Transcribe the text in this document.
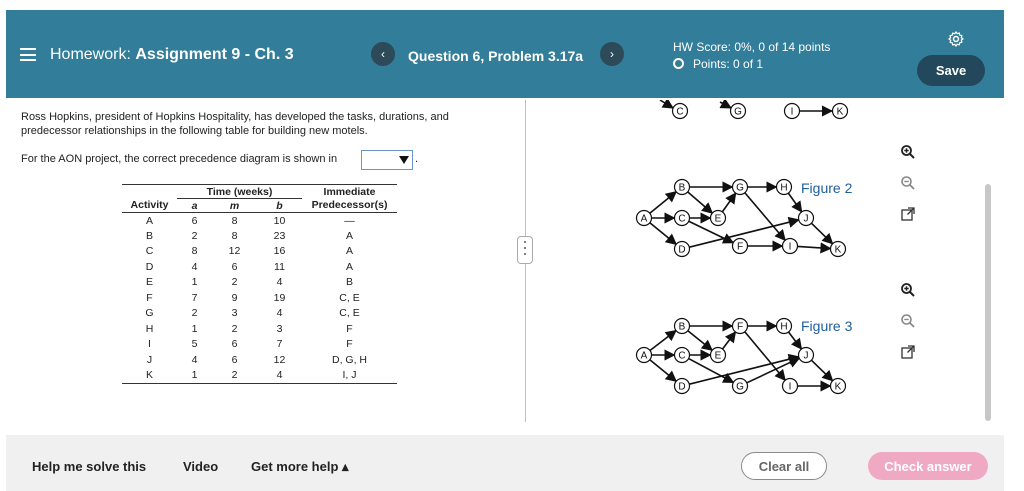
Homework: Assignment 9 - Ch. 3	‹	Question 6, Problem 3.17a	›	HW Score: 0%, 0 of 14 points
Points: 0 of 1	Save

Ross Hopkins, president of Hopkins Hospitality, has developed the tasks, durations, and predecessor relationships in the following table for building new motels.

For the AON project, the correct precedence diagram is shown in	.
	Time (weeks)			Immediate
Activity	a	m	b	Predecessor(s)
A	6	8	10	—
B	2	8	23	A
C	8	12	16	A
D	4	6	11	A
E	1	2	4	B
F	7	9	19	C, E
G	2	3	4	C, E
H	1	2	3	F
I	5	6	7	F
J	4	6	12	D, G, H
K	1	2	4	I, J
C	G	I	K
A
B
C
D
E
F
G	H
I
J
K
Figure 2
A
B
C
D
E
F
G
H
I
J
K
Figure 3
Help me solve this	Video	Get more help ▴	Clear all	Check answer
